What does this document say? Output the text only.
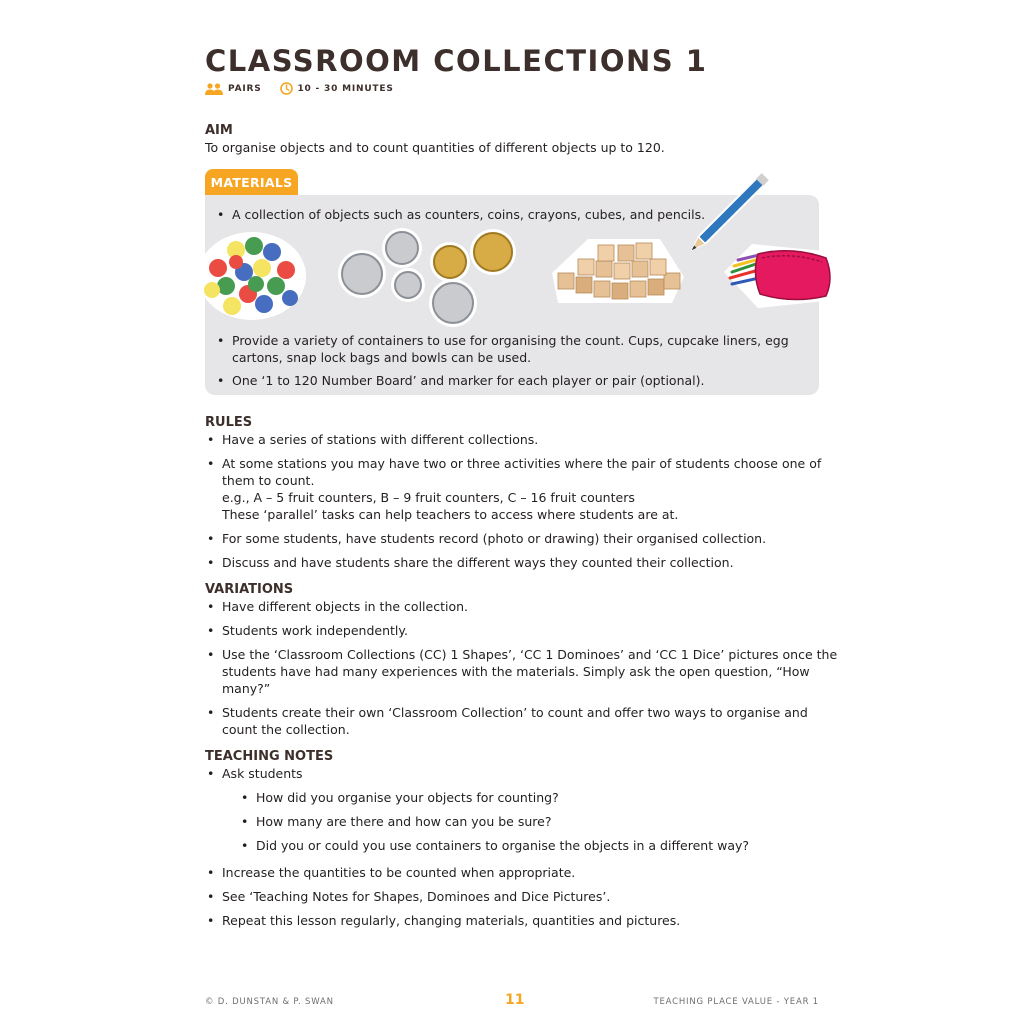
CLASSROOM COLLECTIONS 1
PAIRS	10 - 30 MINUTES
AIM

To organise objects and to count quantities of different objects up to 120.

MATERIALS
• A collection of objects such as counters, coins, crayons, cubes, and pencils.
• Provide a variety of containers to use for organising the count. Cups, cupcake liners, egg
cartons, snap lock bags and bowls can be used.
• One ‘1 to 120 Number Board’ and marker for each player or pair (optional).
RULES
• Have a series of stations with different collections.
• At some stations you may have two or three activities where the pair of students choose one of
them to count.
e.g., A – 5 fruit counters, B – 9 fruit counters, C – 16 fruit counters
These ‘parallel’ tasks can help teachers to access where students are at.
• For some students, have students record (photo or drawing) their organised collection.
• Discuss and have students share the different ways they counted their collection.
VARIATIONS
• Have different objects in the collection.
• Students work independently.
• Use the ‘Classroom Collections (CC) 1 Shapes’, ‘CC 1 Dominoes’ and ‘CC 1 Dice’ pictures once the
students have had many experiences with the materials. Simply ask the open question, “How
many?”
• Students create their own ‘Classroom Collection’ to count and offer two ways to organise and
count the collection.
TEACHING NOTES
• Ask students
• How did you organise your objects for counting?
• How many are there and how can you be sure?
• Did you or could you use containers to organise the objects in a different way?
• Increase the quantities to be counted when appropriate.
• See ‘Teaching Notes for Shapes, Dominoes and Dice Pictures’.
• Repeat this lesson regularly, changing materials, quantities and pictures.
© D. DUNSTAN & P. SWAN	11	TEACHING PLACE VALUE - YEAR 1
